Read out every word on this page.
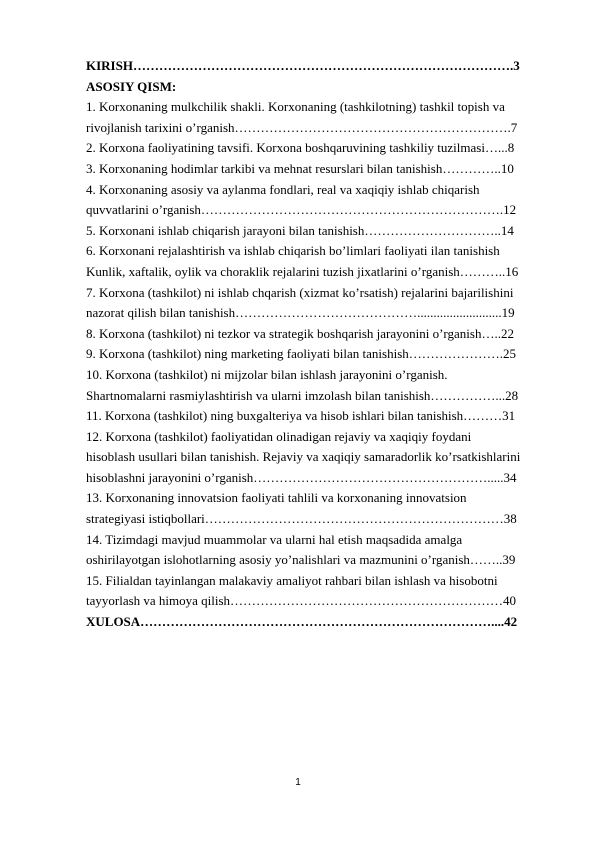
KIRISH…………………………………………………………………………….3
ASOSIY QISM:
1. Korxonaning mulkchilik shakli. Korxonaning (tashkilotning) tashkil topish va
rivojlanish tarixini o’rganish……………………………………………………….7
2. Korxona faoliyatining tavsifi. Korxona boshqaruvining tashkiliy tuzilmasi…...8
3. Korxonaning hodimlar tarkibi va mehnat resurslari bilan tanishish…………..10
4. Korxonaning asosiy va aylanma fondlari, real va xaqiqiy ishlab chiqarish
quvvatlarini o’rganish…………………………………………………………….12
5. Korxonani ishlab chiqarish jarayoni bilan tanishish…………………………..14
6. Korxonani rejalashtirish va ishlab chiqarish bo’limlari faoliyati ilan tanishish
Kunlik, xaftalik, oylik va choraklik rejalarini tuzish jixatlarini o’rganish………..16
7. Korxona (tashkilot) ni ishlab chqarish (xizmat ko’rsatish) rejalarini bajarilishini
nazorat qilish bilan tanishish……………………………………..........................19
8. Korxona (tashkilot) ni tezkor va strategik boshqarish jarayonini o’rganish…..22
9. Korxona (tashkilot) ning marketing faoliyati bilan tanishish………………….25
10. Korxona (tashkilot) ni mijzolar bilan ishlash jarayonini o’rganish.
Shartnomalarni rasmiylashtirish va ularni imzolash bilan tanishish……………...28
11. Korxona (tashkilot) ning buxgalteriya va hisob ishlari bilan tanishish………31
12. Korxona (tashkilot) faoliyatidan olinadigan rejaviy va xaqiqiy foydani
hisoblash usullari bilan tanishish. Rejaviy va xaqiqiy samaradorlik ko’rsatkishlarini
hisoblashni jarayonini o’rganish……………………………………………….....34
13. Korxonaning innovatsion faoliyati tahlili va korxonaning innovatsion
strategiyasi istiqbollari……………………………………………………………38
14. Tizimdagi mavjud muammolar va ularni hal etish maqsadida amalga
oshirilayotgan islohotlarning asosiy yo’nalishlari va mazmunini o’rganish……..39
15. Filialdan tayinlangan malakaviy amaliyot rahbari bilan ishlash va hisobotni
tayyorlash va himoya qilish………………………………………………………40
XULOSA………………………………………………………………………....42
1
